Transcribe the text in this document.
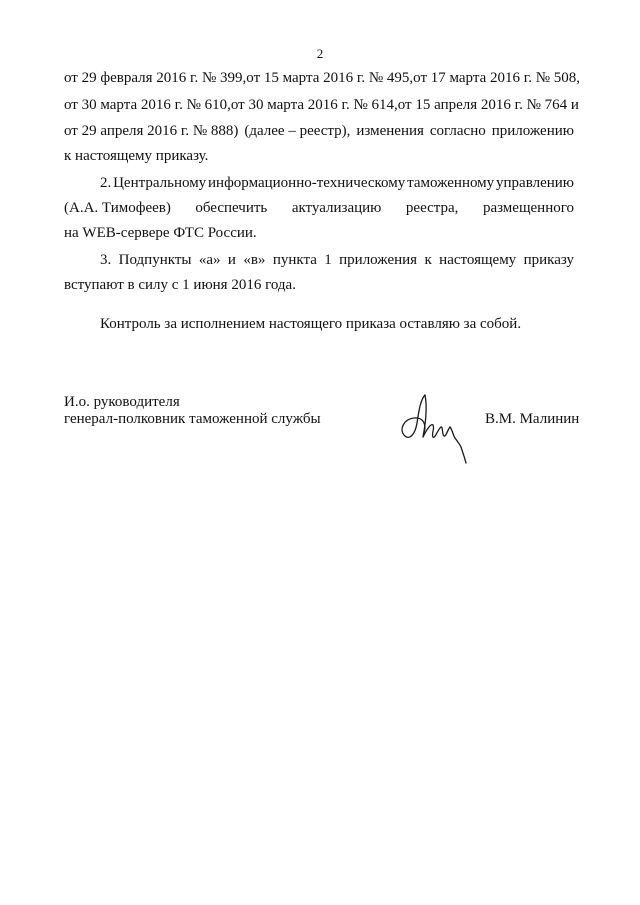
2
от 29 февраля 2016 г. № 399, от 15 марта 2016 г. № 495, от 17 марта 2016 г. № 508,
от 30 марта 2016 г. № 610, от 30 марта 2016 г. № 614, от 15 апреля 2016 г. № 764 и
от 29 апреля 2016 г. № 888) (далее – реестр), изменения согласно приложению
к настоящему приказу.
2. Центральному информационно-техническому таможенному управлению
(А.А. Тимофеев) обеспечить актуализацию реестра, размещенного
на WEB-сервере ФТС России.
3. Подпункты «а» и «в» пункта 1 приложения к настоящему приказу
вступают в силу с 1 июня 2016 года.
Контроль за исполнением настоящего приказа оставляю за собой.
И.о. руководителя
генерал-полковник таможенной службы	В.М. Малинин
